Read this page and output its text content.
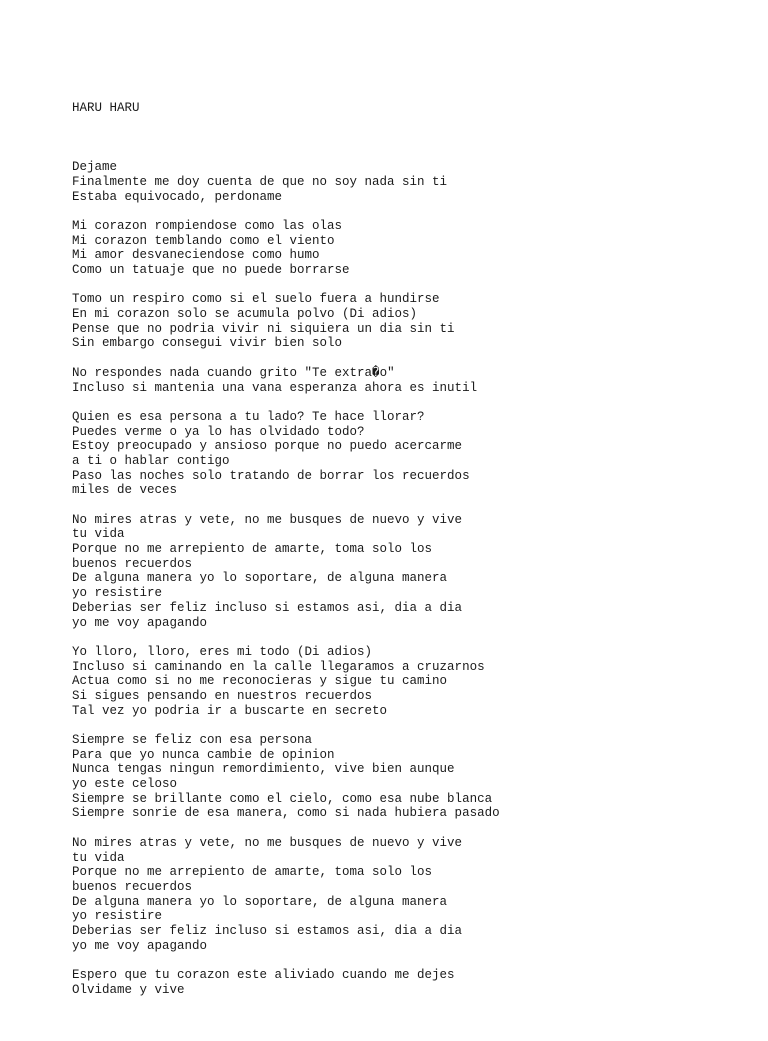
HARU HARU

Dejame
Finalmente me doy cuenta de que no soy nada sin ti
Estaba equivocado, perdoname
Mi corazon rompiendose como las olas
Mi corazon temblando como el viento
Mi amor desvaneciendose como humo
Como un tatuaje que no puede borrarse
Tomo un respiro como si el suelo fuera a hundirse
En mi corazon solo se acumula polvo (Di adios)
Pense que no podria vivir ni siquiera un dia sin ti
Sin embargo consegui vivir bien solo
No respondes nada cuando grito "Te extra�o"
Incluso si mantenia una vana esperanza ahora es inutil
Quien es esa persona a tu lado? Te hace llorar?
Puedes verme o ya lo has olvidado todo?
Estoy preocupado y ansioso porque no puedo acercarme
a ti o hablar contigo
Paso las noches solo tratando de borrar los recuerdos
miles de veces
No mires atras y vete, no me busques de nuevo y vive
tu vida
Porque no me arrepiento de amarte, toma solo los
buenos recuerdos
De alguna manera yo lo soportare, de alguna manera
yo resistire
Deberias ser feliz incluso si estamos asi, dia a dia
yo me voy apagando
Yo lloro, lloro, eres mi todo (Di adios)
Incluso si caminando en la calle llegaramos a cruzarnos
Actua como si no me reconocieras y sigue tu camino
Si sigues pensando en nuestros recuerdos
Tal vez yo podria ir a buscarte en secreto
Siempre se feliz con esa persona
Para que yo nunca cambie de opinion
Nunca tengas ningun remordimiento, vive bien aunque
yo este celoso
Siempre se brillante como el cielo, como esa nube blanca
Siempre sonrie de esa manera, como si nada hubiera pasado
No mires atras y vete, no me busques de nuevo y vive
tu vida
Porque no me arrepiento de amarte, toma solo los
buenos recuerdos
De alguna manera yo lo soportare, de alguna manera
yo resistire
Deberias ser feliz incluso si estamos asi, dia a dia
yo me voy apagando
Espero que tu corazon este aliviado cuando me dejes
Olvidame y vive
